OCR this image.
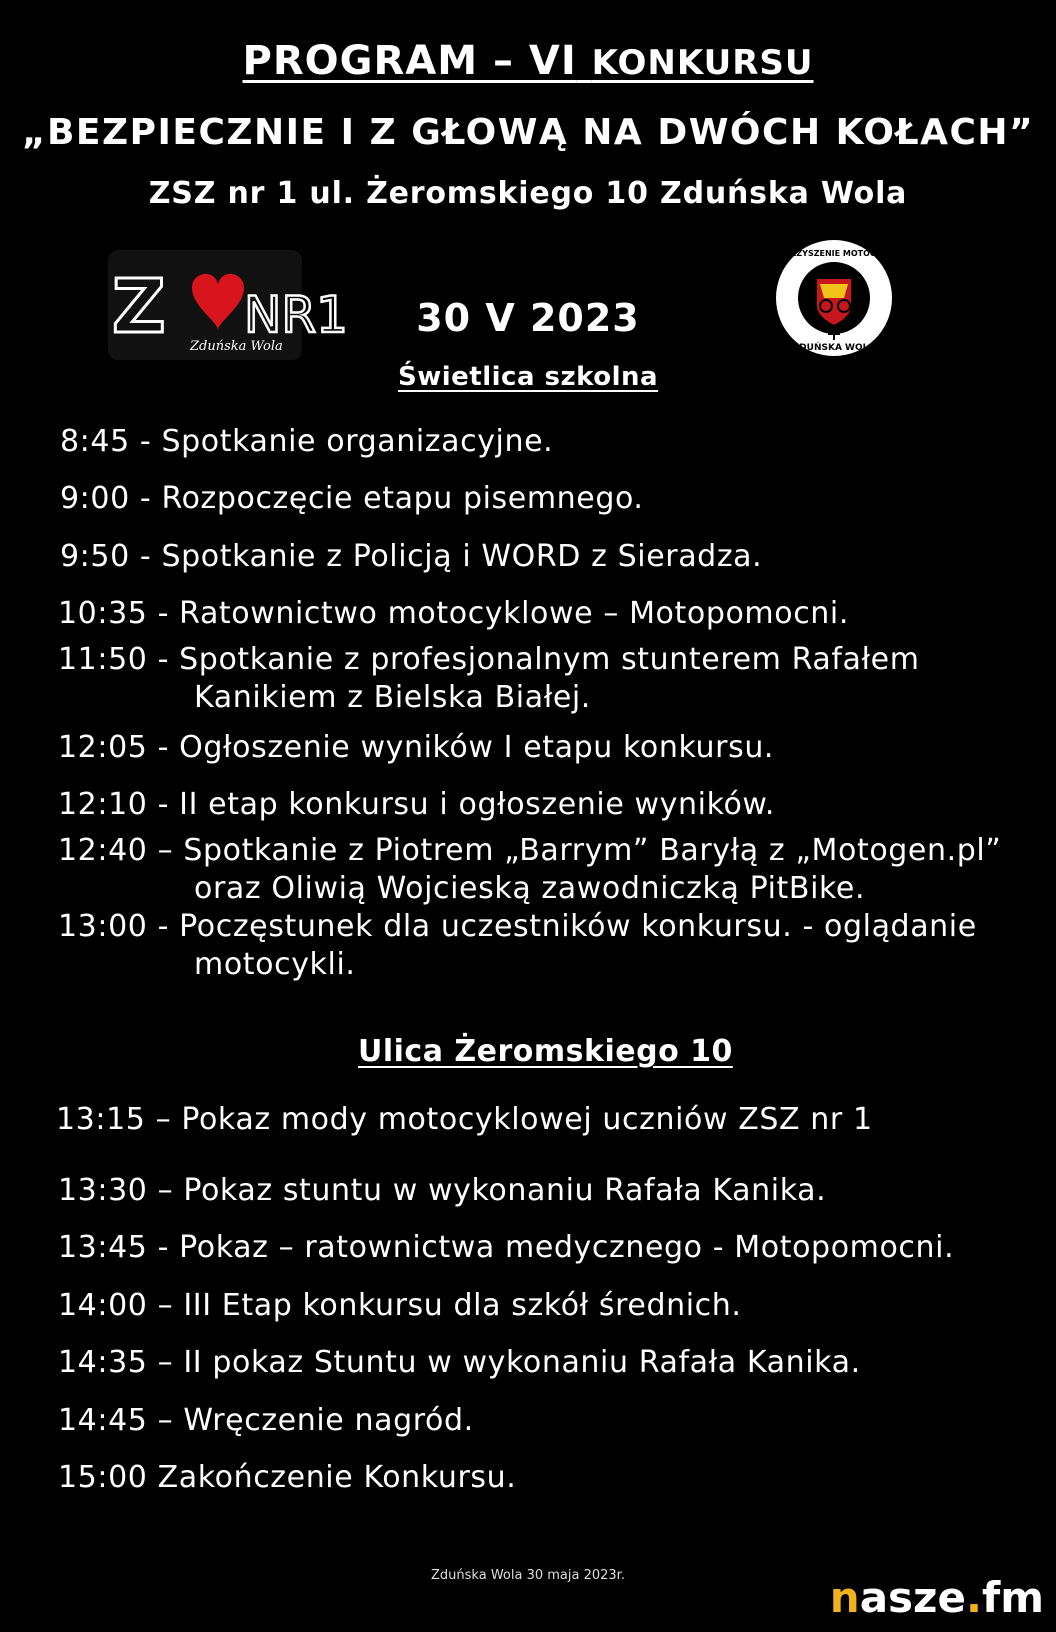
PROGRAM – VI KONKURSU
„BEZPIECZNIE I Z GŁOWĄ NA DWÓCH KOŁACH”
ZSZ nr 1 ul. Żeromskiego 10 Zduńska Wola
Z NR1
Zduńska Wola
STOWARZYSZENIE MOTOCYKLIŚCI
ZDUŃSKA WOLA
30 V 2023
Świetlica szkolna
8:45 - Spotkanie organizacyjne.
9:00 - Rozpoczęcie etapu pisemnego.
9:50 - Spotkanie z Policją i WORD z Sieradza.
10:35 - Ratownictwo motocyklowe – Motopomocni.
11:50 - Spotkanie z profesjonalnym stunterem Rafałem
Kanikiem z Bielska Białej.
12:05 - Ogłoszenie wyników I etapu konkursu.
12:10 - II etap konkursu i ogłoszenie wyników.
12:40 – Spotkanie z Piotrem „Barrym” Baryłą z „Motogen.pl”
oraz Oliwią Wojcieską zawodniczką PitBike.
13:00 - Poczęstunek dla uczestników konkursu. - oglądanie
motocykli.
Ulica Żeromskiego 10
13:15 – Pokaz mody motocyklowej uczniów ZSZ nr 1
13:30 – Pokaz stuntu w wykonaniu Rafała Kanika.
13:45 - Pokaz – ratownictwa medycznego - Motopomocni.
14:00 – III Etap konkursu dla szkół średnich.
14:35 – II pokaz Stuntu w wykonaniu Rafała Kanika.
14:45 – Wręczenie nagród.
15:00 Zakończenie Konkursu.
Zduńska Wola 30 maja 2023r.	nasze.fm
